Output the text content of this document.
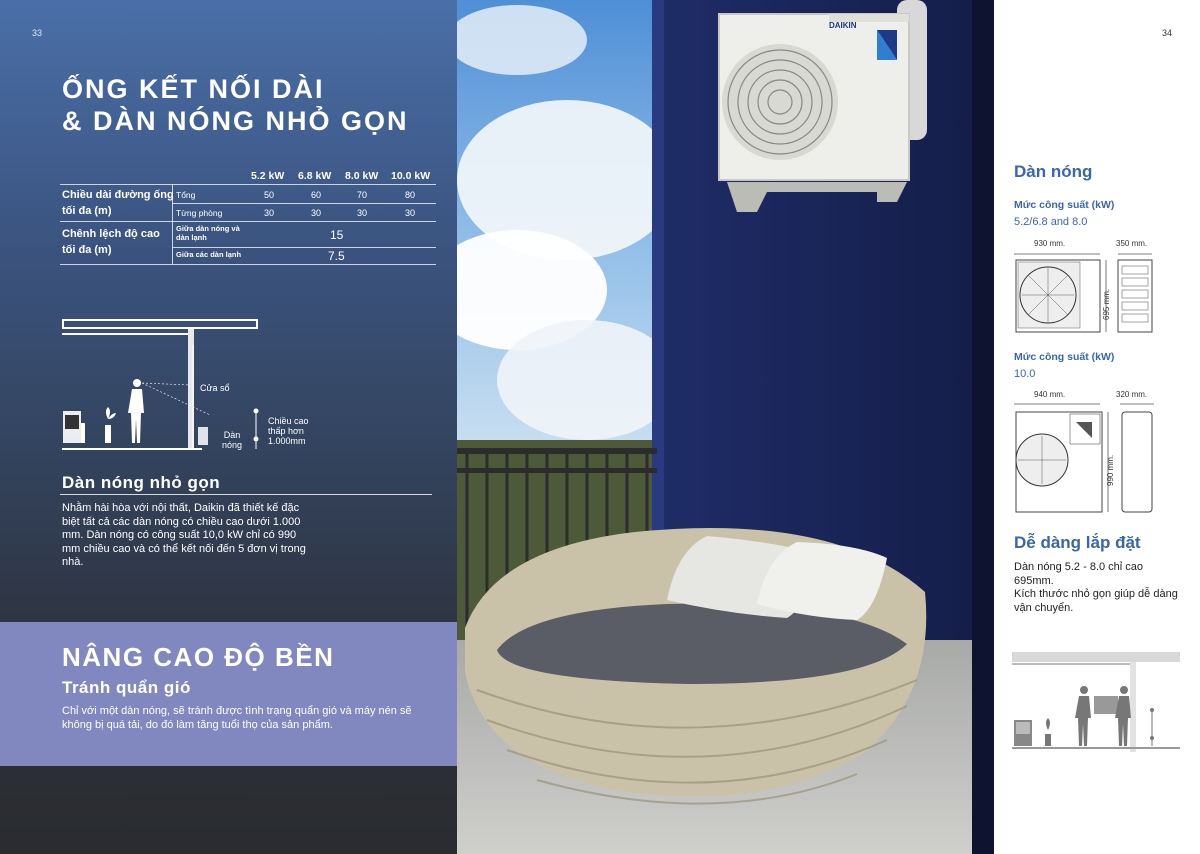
33
ỐNG KẾT NỐI DÀI
& DÀN NÓNG NHỎ GỌN
5.2 kW 6.8 kW 8.0 kW 10.0 kW
Chiều dài đường ống tối đa (m)
Tổng	50	60	70	80
Từng phòng	30	30	30	30
Chênh lệch độ cao tối đa (m)
Giữa dàn nóng và dàn lạnh	15
Giữa các dàn lạnh	7.5
Cửa sổ
Dàn
nóng
Chiều cao
thấp hơn
1.000mm
Dàn nóng nhỏ gọn
Nhằm hài hòa với nội thất, Daikin đã thiết kế đặc biệt tất cả các dàn nóng có chiều cao dưới 1.000 mm. Dàn nóng có công suất 10,0 kW chỉ có 990 mm chiều cao và có thể kết nối đến 5 đơn vị trong nhà.
NÂNG CAO ĐỘ BỀN
Tránh quẩn gió
Chỉ với một dàn nóng, sẽ tránh được tình trạng quẩn gió và máy nén sẽ không bị quá tải, do đó làm tăng tuổi thọ của sản phẩm.
DAIKIN
34
Dàn nóng
Mức công suất (kW)
5.2/6.8 and 8.0
930 mm.	350 mm.
695 mm.
Mức công suất (kW)
10.0
940 mm.	320 mm.
990 mm.
Dễ dàng lắp đặt
Dàn nóng 5.2 - 8.0 chỉ cao 695mm.
Kích thước nhỏ gọn giúp dễ dàng vận chuyển.
